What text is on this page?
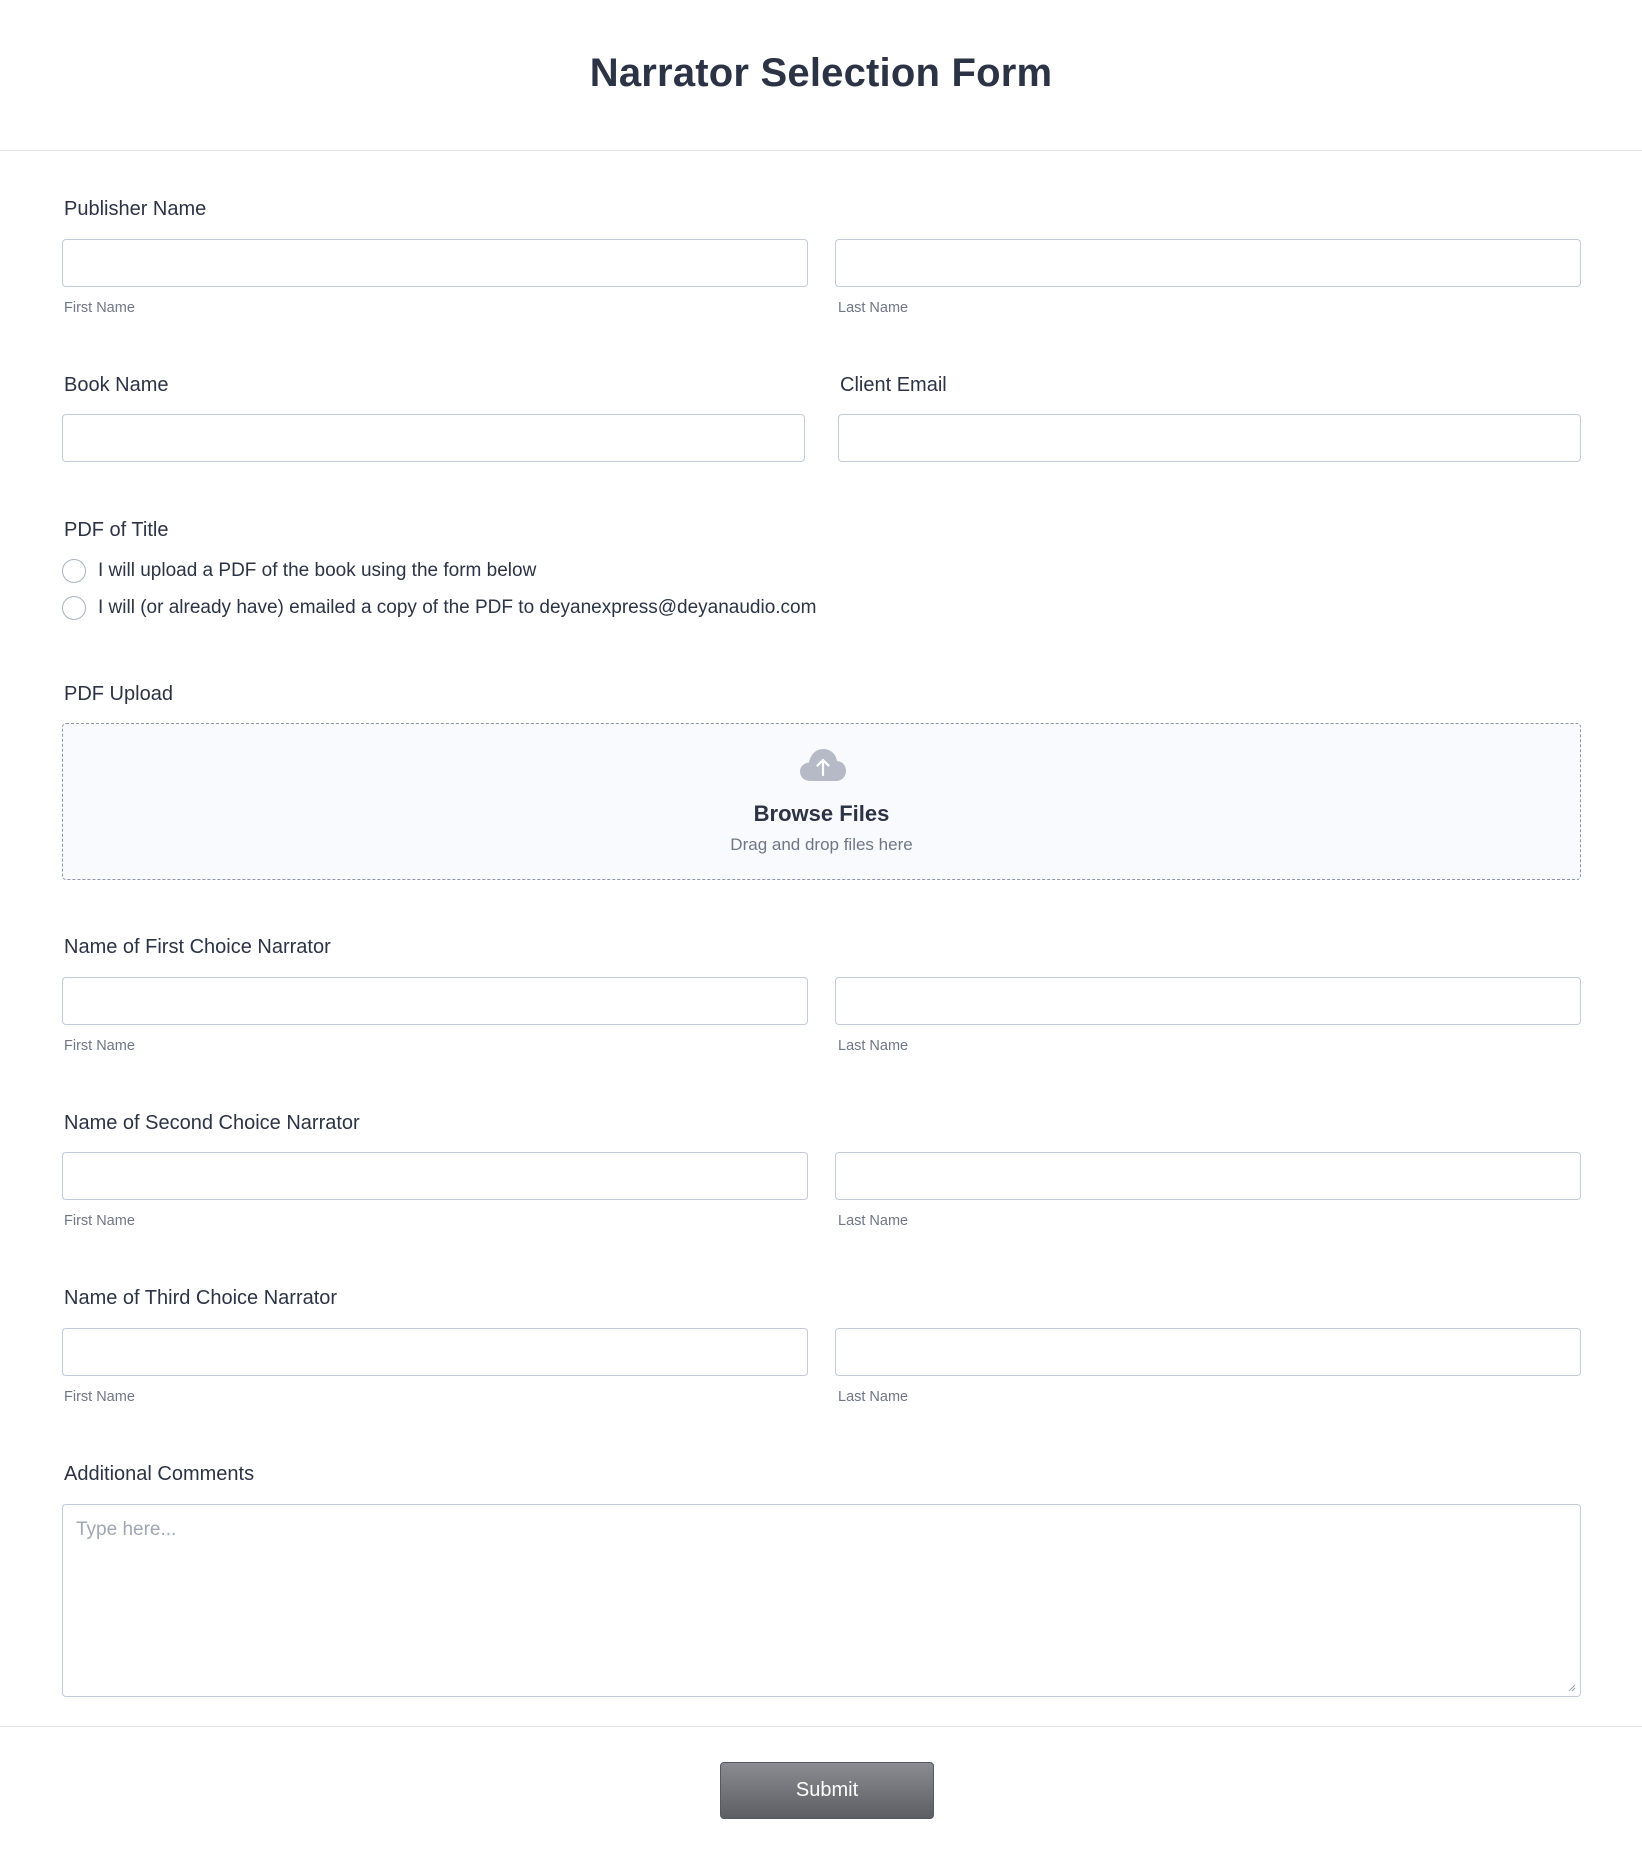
Narrator Selection Form
Publisher Name
First Name	Last Name
Book Name	Client Email
PDF of Title
I will upload a PDF of the book using the form below
I will (or already have) emailed a copy of the PDF to deyanexpress@deyanaudio.com
PDF Upload
Browse Files
Drag and drop files here
Name of First Choice Narrator
First Name	Last Name
Name of Second Choice Narrator
First Name	Last Name
Name of Third Choice Narrator
First Name	Last Name
Additional Comments
Type here...
Submit
